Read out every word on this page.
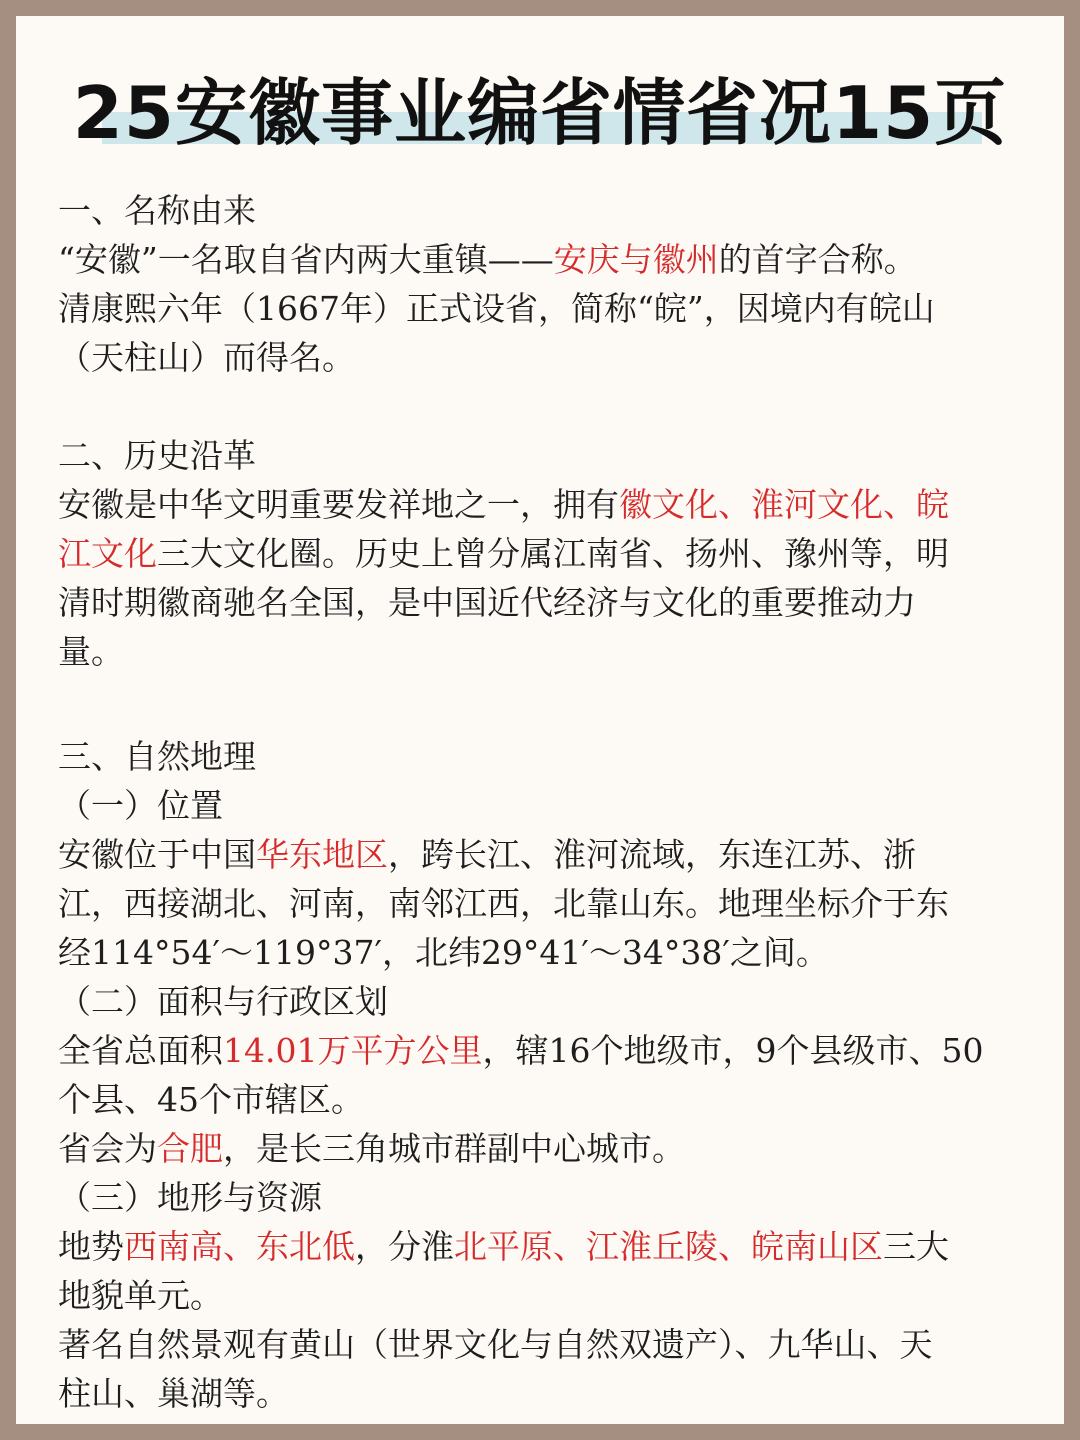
25安徽事业编省情省况15页

一、名称由来

“安徽”一名取自省内两大重镇——安庆与徽州的首字合称。

清康熙六年（1667年）正式设省，简称“皖”，因境内有皖山

（天柱山）而得名。

二、历史沿革

安徽是中华文明重要发祥地之一，拥有徽文化、淮河文化、皖

江文化三大文化圈。历史上曾分属江南省、扬州、豫州等，明

清时期徽商驰名全国，是中国近代经济与文化的重要推动力

量。

三、自然地理

（一）位置

安徽位于中国华东地区，跨长江、淮河流域，东连江苏、浙

江，西接湖北、河南，南邻江西，北靠山东。地理坐标介于东

经114°54′～119°37′，北纬29°41′～34°38′之间。

（二）面积与行政区划

全省总面积14.01万平方公里，辖16个地级市，9个县级市、50

个县、45个市辖区。

省会为合肥，是长三角城市群副中心城市。

（三）地形与资源

地势西南高、东北低，分淮北平原、江淮丘陵、皖南山区三大

地貌单元。

著名自然景观有黄山（世界文化与自然双遗产）、九华山、天

柱山、巢湖等。
